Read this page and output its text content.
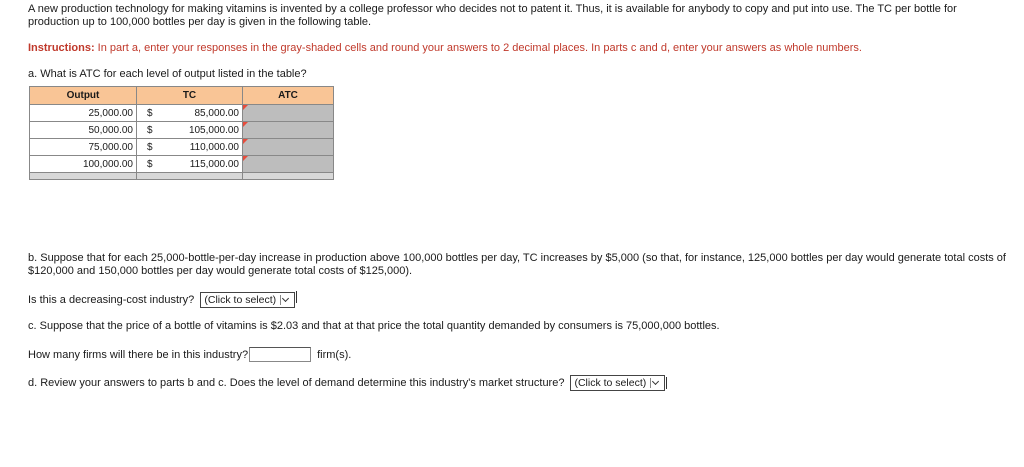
A new production technology for making vitamins is invented by a college professor who decides not to patent it. Thus, it is available for anybody to copy and put into use. The TC per bottle for production up to 100,000 bottles per day is given in the following table.
Instructions: In part a, enter your responses in the gray-shaded cells and round your answers to 2 decimal places. In parts c and d, enter your answers as whole numbers.
a. What is ATC for each level of output listed in the table?
Output	TC		ATC
25,000.00	$	85,000.00	
50,000.00	$	105,000.00	
75,000.00	$	110,000.00	
100,000.00	$	115,000.00	

b. Suppose that for each 25,000-bottle-per-day increase in production above 100,000 bottles per day, TC increases by $5,000 (so that, for instance, 125,000 bottles per day would generate total costs of $120,000 and 150,000 bottles per day would generate total costs of $125,000).
Is this a decreasing-cost industry? (Click to select)
c. Suppose that the price of a bottle of vitamins is $2.03 and that at that price the total quantity demanded by consumers is 75,000,000 bottles.
How many firms will there be in this industry?	firm(s).
d. Review your answers to parts b and c. Does the level of demand determine this industry's market structure? (Click to select)
